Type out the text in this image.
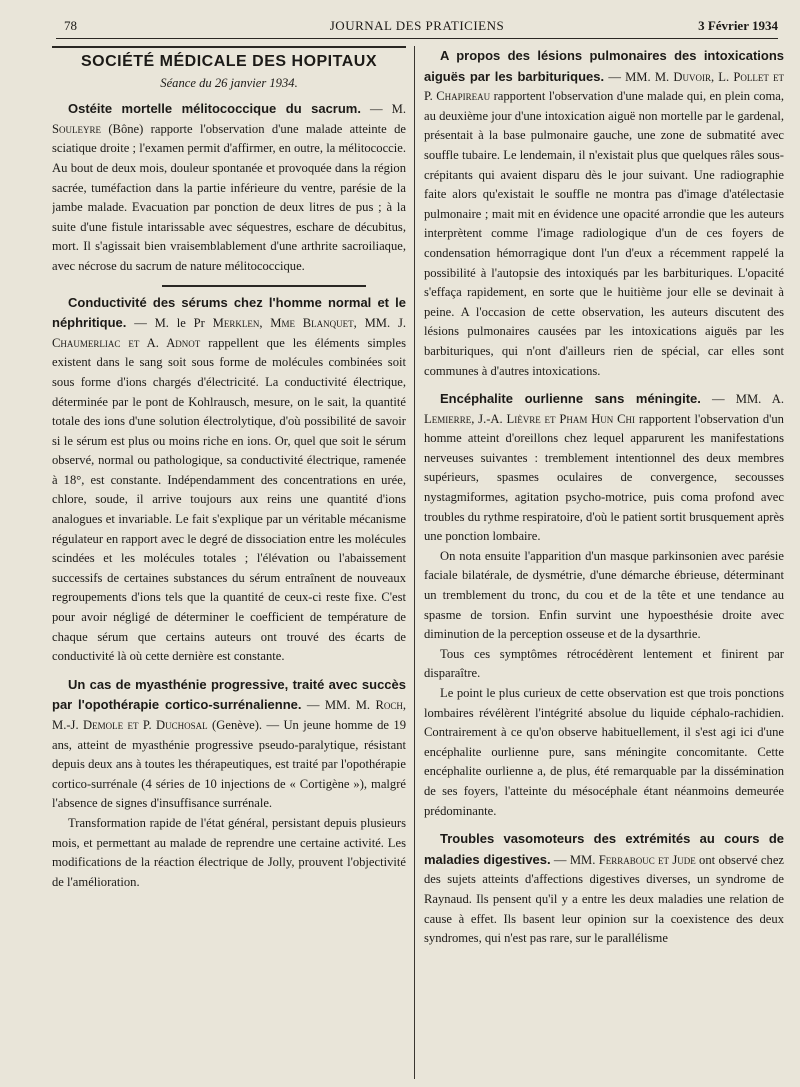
78	JOURNAL DES PRATICIENS	3 Février 1934
SOCIÉTÉ MÉDICALE DES HOPITAUX
Séance du 26 janvier 1934.

Ostéite mortelle mélitococcique du sacrum. — M. Souleyre (Bône) rapporte l'observation d'une malade atteinte de sciatique droite ; l'examen permit d'affirmer, en outre, la mélitococcie. Au bout de deux mois, douleur spontanée et provoquée dans la région sacrée, tuméfaction dans la partie inférieure du ventre, parésie de la jambe malade. Evacuation par ponction de deux litres de pus ; à la suite d'une fistule intarissable avec séquestres, eschare de décubitus, mort. Il s'agissait bien vraisemblablement d'une arthrite sacroiliaque, avec nécrose du sacrum de nature mélitococcique.

Conductivité des sérums chez l'homme normal et le néphritique. — M. le Pr Merklen, Mme Blanquet, MM. J. Chaumerliac et A. Adnot rappellent que les éléments simples existent dans le sang soit sous forme de molécules combinées soit sous forme d'ions chargés d'électricité. La conductivité électrique, déterminée par le pont de Kohlrausch, mesure, on le sait, la quantité totale des ions d'une solution électrolytique, d'où possibilité de savoir si le sérum est plus ou moins riche en ions. Or, quel que soit le sérum observé, normal ou pathologique, sa conductivité électrique, ramenée à 18°, est constante. Indépendamment des concentrations en urée, chlore, soude, il arrive toujours aux reins une quantité d'ions analogues et invariable. Le fait s'explique par un véritable mécanisme régulateur en rapport avec le degré de dissociation entre les molécules scindées et les molécules totales ; l'élévation ou l'abaissement successifs de certaines substances du sérum entraînent de nouveaux regroupements d'ions tels que la quantité de ceux-ci reste fixe. C'est pour avoir négligé de déterminer le coefficient de température de chaque sérum que certains auteurs ont trouvé des écarts de conductivité là où cette dernière est constante.

Un cas de myasthénie progressive, traité avec succès par l'opothérapie cortico-surrénalienne. — MM. M. Roch, M.-J. Demole et P. Duchosal (Genève). — Un jeune homme de 19 ans, atteint de myasthénie progressive pseudo-paralytique, résistant depuis deux ans à toutes les thérapeutiques, est traité par l'opothérapie cortico-surrénale (4 séries de 10 injections de « Cortigène »), malgré l'absence de signes d'insuffisance surrénale.

Transformation rapide de l'état général, persistant depuis plusieurs mois, et permettant au malade de reprendre une certaine activité. Les modifications de la réaction électrique de Jolly, prouvent l'objectivité de l'amélioration.

A propos des lésions pulmonaires des intoxications aiguës par les barbituriques. — MM. M. Duvoir, L. Pollet et P. Chapireau rapportent l'observation d'une malade qui, en plein coma, au deuxième jour d'une intoxication aiguë non mortelle par le gardenal, présentait à la base pulmonaire gauche, une zone de submatité avec souffle tubaire. Le lendemain, il n'existait plus que quelques râles sous-crépitants qui avaient disparu dès le jour suivant. Une radiographie faite alors qu'existait le souffle ne montra pas d'image d'atélectasie pulmonaire ; mait mit en évidence une opacité arrondie que les auteurs interprètent comme l'image radiologique d'un de ces foyers de condensation hémorragique dont l'un d'eux a récemment rappelé la possibilité à l'autopsie des intoxiqués par les barbituriques. L'opacité s'effaça rapidement, en sorte que le huitième jour elle se devinait à peine. A l'occasion de cette observation, les auteurs discutent des lésions pulmonaires causées par les intoxications aiguës par les barbituriques, qui n'ont d'ailleurs rien de spécial, car elles sont communes à d'autres intoxications.

Encéphalite ourlienne sans méningite. — MM. A. Lemierre, J.-A. Lièvre et Pham Hun Chi rapportent l'observation d'un homme atteint d'oreillons chez lequel apparurent les manifestations nerveuses suivantes : tremblement intentionnel des deux membres supérieurs, spasmes oculaires de convergence, secousses nystagmiformes, agitation psycho-motrice, puis coma profond avec troubles du rythme respiratoire, d'où le patient sortit brusquement après une ponction lombaire.

On nota ensuite l'apparition d'un masque parkinsonien avec parésie faciale bilatérale, de dysmétrie, d'une démarche ébrieuse, déterminant un tremblement du tronc, du cou et de la tête et une tendance au spasme de torsion. Enfin survint une hypoesthésie droite avec diminution de la perception osseuse et de la dysarthrie.

Tous ces symptômes rétrocédèrent lentement et finirent par disparaître.

Le point le plus curieux de cette observation est que trois ponctions lombaires révélèrent l'intégrité absolue du liquide céphalo-rachidien. Contrairement à ce qu'on observe habituellement, il s'est agi ici d'une encéphalite ourlienne pure, sans méningite concomitante. Cette encéphalite ourlienne a, de plus, été remarquable par la dissémination de ses foyers, l'atteinte du mésocéphale étant néanmoins demeurée prédominante.

Troubles vasomoteurs des extrémités au cours de maladies digestives. — MM. Ferrabouc et Jude ont observé chez des sujets atteints d'affections digestives diverses, un syndrome de Raynaud. Ils pensent qu'il y a entre les deux maladies une relation de cause à effet. Ils basent leur opinion sur la coexistence des deux syndromes, qui n'est pas rare, sur le parallélisme
